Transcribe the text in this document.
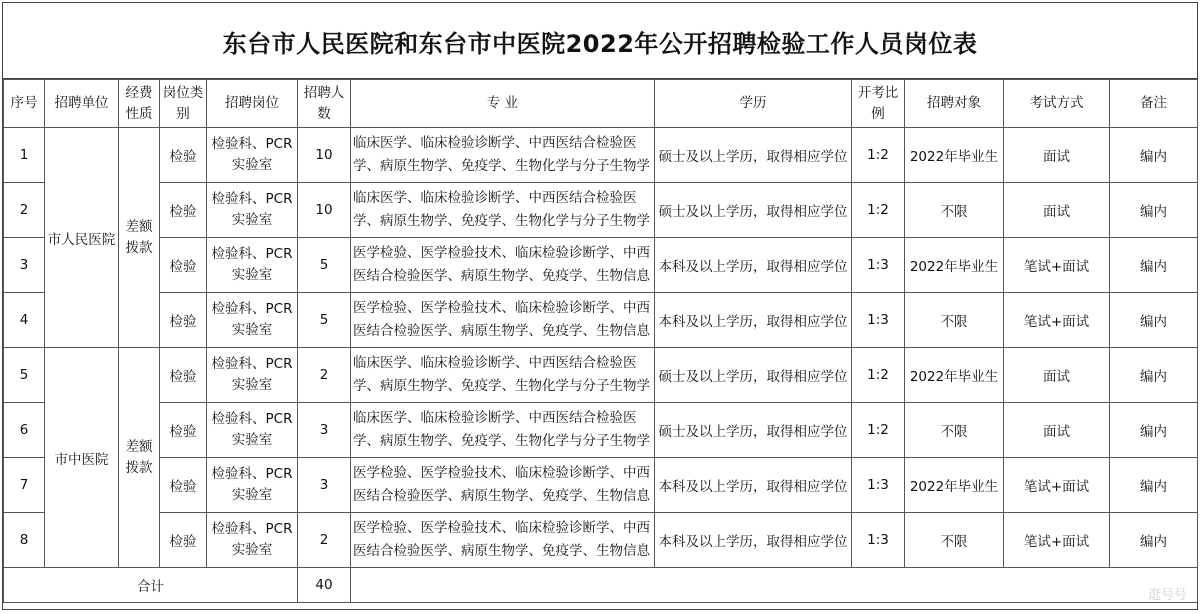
东台市人民医院和东台市中医院2022年公开招聘检验工作人员岗位表
序号	招聘单位	经费性质	岗位类别	招聘岗位	招聘人数	专 业	学历	开考比例	招聘对象	考试方式	备注

1	市人民医院	差额拨款	检验	检验科、PCR实验室	10	临床医学、临床检验诊断学、中西医结合检验医学、病原生物学、免疫学、生物化学与分子生物学	硕士及以上学历，取得相应学位	1:2	2022年毕业生	面试	编内
2			检验	检验科、PCR实验室	10	临床医学、临床检验诊断学、中西医结合检验医学、病原生物学、免疫学、生物化学与分子生物学	硕士及以上学历，取得相应学位	1:2	不限	面试	编内
3			检验	检验科、PCR实验室	5	医学检验、医学检验技术、临床检验诊断学、中西医结合检验医学、病原生物学、免疫学、生物信息	本科及以上学历，取得相应学位	1:3	2022年毕业生	笔试+面试	编内
4			检验	检验科、PCR实验室	5	医学检验、医学检验技术、临床检验诊断学、中西医结合检验医学、病原生物学、免疫学、生物信息	本科及以上学历，取得相应学位	1:3	不限	笔试+面试	编内
5	市中医院	差额拨款	检验	检验科、PCR实验室	2	临床医学、临床检验诊断学、中西医结合检验医学、病原生物学、免疫学、生物化学与分子生物学	硕士及以上学历，取得相应学位	1:2	2022年毕业生	面试	编内
6			检验	检验科、PCR实验室	3	临床医学、临床检验诊断学、中西医结合检验医学、病原生物学、免疫学、生物化学与分子生物学	硕士及以上学历，取得相应学位	1:2	不限	面试	编内
7			检验	检验科、PCR实验室	3	医学检验、医学检验技术、临床检验诊断学、中西医结合检验医学、病原生物学、免疫学、生物信息	本科及以上学历，取得相应学位	1:3	2022年毕业生	笔试+面试	编内
8			检验	检验科、PCR实验室	2	医学检验、医学检验技术、临床检验诊断学、中西医结合检验医学、病原生物学、免疫学、生物信息	本科及以上学历，取得相应学位	1:3	不限	笔试+面试	编内
合计					40						
逛号号
